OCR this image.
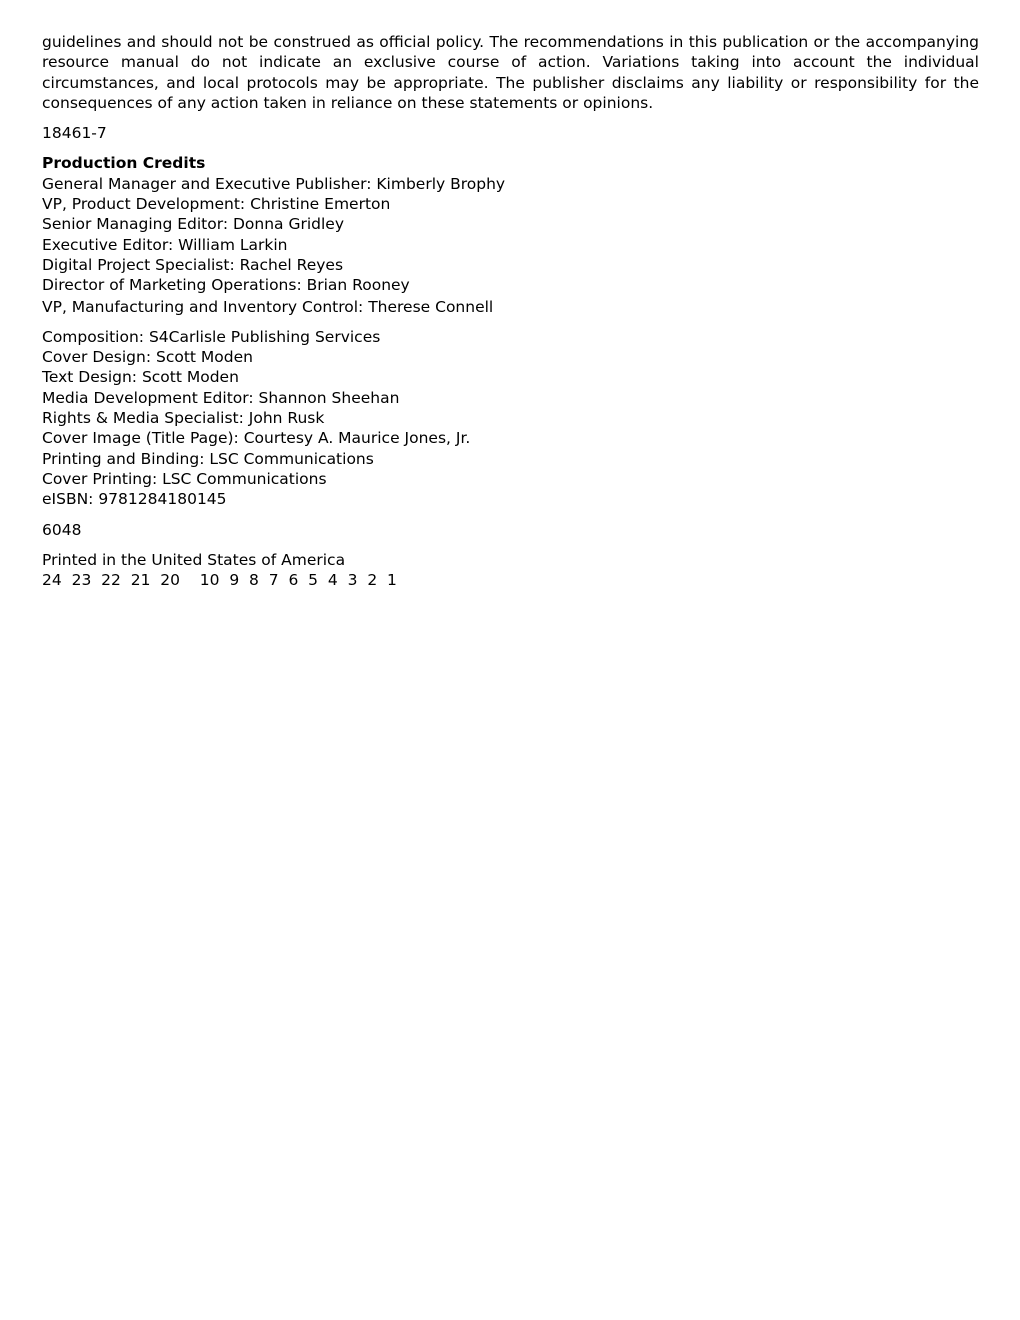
guidelines and should not be construed as official policy. The recommendations in this publication or the accompanying resource manual do not indicate an exclusive course of action. Variations taking into account the individual circumstances, and local protocols may be appropriate. The publisher disclaims any liability or responsibility for the consequences of any action taken in reliance on these statements or opinions.

18461-7
Production Credits
General Manager and Executive Publisher: Kimberly Brophy
VP, Product Development: Christine Emerton
Senior Managing Editor: Donna Gridley
Executive Editor: William Larkin
Digital Project Specialist: Rachel Reyes
Director of Marketing Operations: Brian Rooney
VP, Manufacturing and Inventory Control: Therese Connell
Composition: S4Carlisle Publishing Services
Cover Design: Scott Moden
Text Design: Scott Moden
Media Development Editor: Shannon Sheehan
Rights & Media Specialist: John Rusk
Cover Image (Title Page): Courtesy A. Maurice Jones, Jr.
Printing and Binding: LSC Communications
Cover Printing: LSC Communications
eISBN: 9781284180145
6048
Printed in the United States of America
24  23  22  21  20    10  9  8  7  6  5  4  3  2  1
